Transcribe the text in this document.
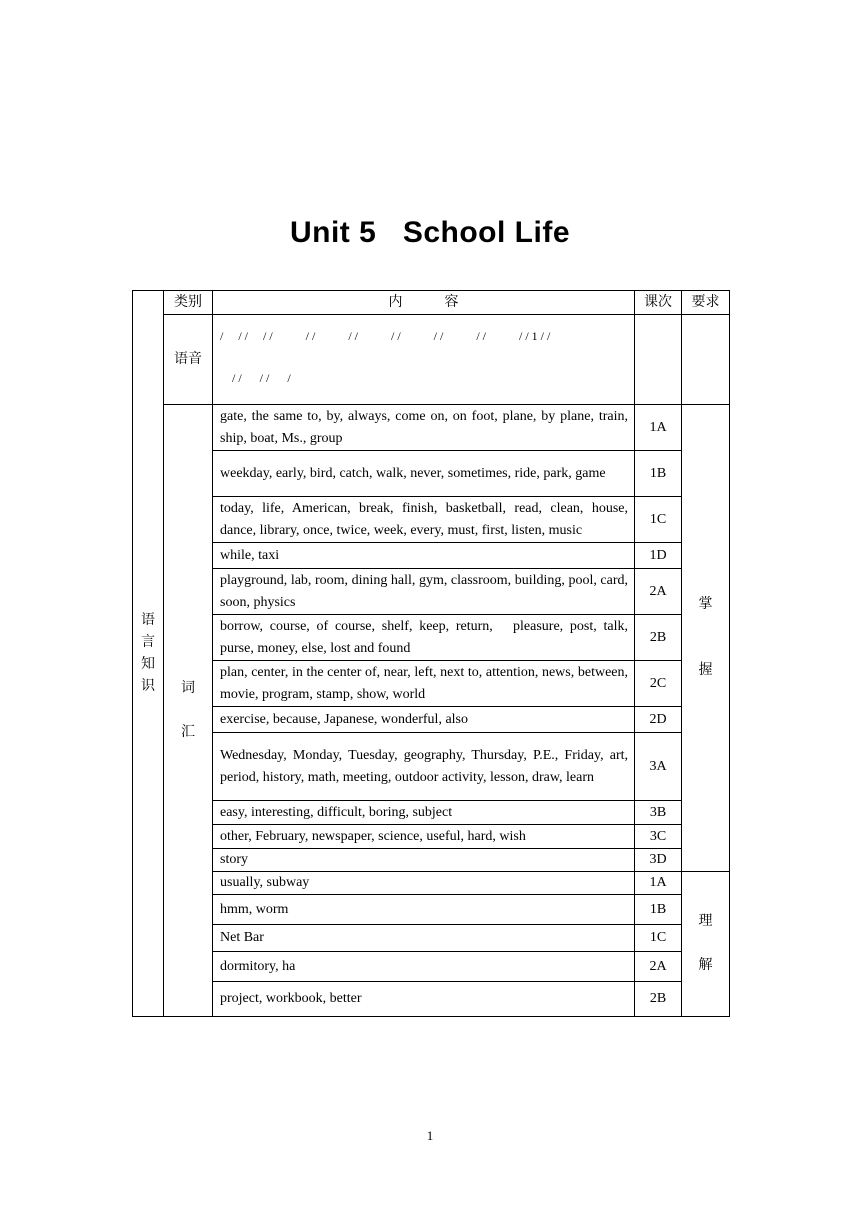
Unit 5   School Life
语
言
知
识	类别	内　　　容	课次	要求
	语音	/     / /     / /           / /           / /           / /           / /           / /           / / 1 / /
/ /      / /      /		

	词
汇	gate, the same to, by, always, come on, on foot, plane, by plane, train, ship, boat, Ms., group	1A	掌
握

		weekday, early, bird, catch, walk, never, sometimes, ride, park, game	1B	
		today, life, American, break, finish, basketball, read, clean, house, dance, library, once, twice, week, every, must, first, listen, music	1C	
		while, taxi	1D	
		playground, lab, room, dining hall, gym, classroom, building, pool, card, soon, physics	2A	
		borrow, course, of course, shelf, keep, return,   pleasure, post, talk, purse, money, else, lost and found	2B	
		plan, center, in the center of, near, left, next to, attention, news, between, movie, program, stamp, show, world	2C	
		exercise, because, Japanese, wonderful, also	2D	
		Wednesday, Monday, Tuesday, geography, Thursday, P.E., Friday, art, period, history, math, meeting, outdoor activity, lesson, draw, learn	3A	
		easy, interesting, difficult, boring, subject	3B	
		other, February, newspaper, science, useful, hard, wish	3C	
		story	3D	
		usually, subway	1A	理
解

		hmm, worm	1B	
		Net Bar	1C	
		dormitory, ha	2A	
		project, workbook, better	2B	
1
